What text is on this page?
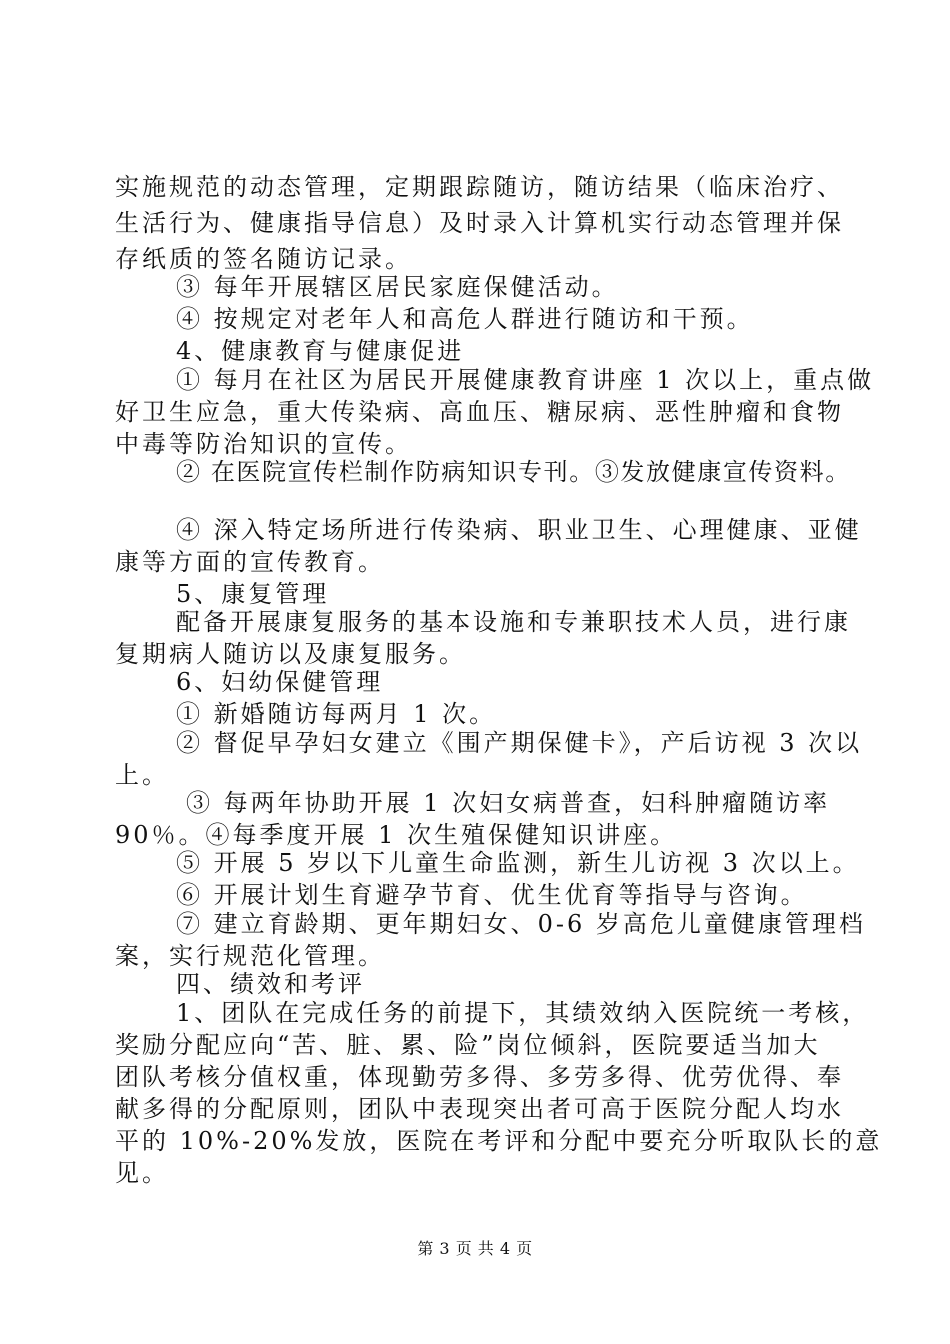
实施规范的动态管理，定期跟踪随访，随访结果（临床治疗、
生活行为、健康指导信息）及时录入计算机实行动态管理并保
存纸质的签名随访记录。
③ 每年开展辖区居民家庭保健活动。
④ 按规定对老年人和高危人群进行随访和干预。
4、健康教育与健康促进
① 每月在社区为居民开展健康教育讲座 1 次以上，重点做
好卫生应急，重大传染病、高血压、糖尿病、恶性肿瘤和食物
中毒等防治知识的宣传。
② 在医院宣传栏制作防病知识专刊。③发放健康宣传资料。
④ 深入特定场所进行传染病、职业卫生、心理健康、亚健
康等方面的宣传教育。
5、康复管理
配备开展康复服务的基本设施和专兼职技术人员，进行康
复期病人随访以及康复服务。
6、妇幼保健管理
① 新婚随访每两月 1 次。
② 督促早孕妇女建立《围产期保健卡》，产后访视 3 次以
上。
③ 每两年协助开展 1 次妇女病普查，妇科肿瘤随访率
90％。④每季度开展 1 次生殖保健知识讲座。
⑤ 开展 5 岁以下儿童生命监测，新生儿访视 3 次以上。
⑥ 开展计划生育避孕节育、优生优育等指导与咨询。
⑦ 建立育龄期、更年期妇女、0-6 岁高危儿童健康管理档
案，实行规范化管理。
四、绩效和考评
1、团队在完成任务的前提下，其绩效纳入医院统一考核，
奖励分配应向“苦、脏、累、险”岗位倾斜，医院要适当加大
团队考核分值权重，体现勤劳多得、多劳多得、优劳优得、奉
献多得的分配原则，团队中表现突出者可高于医院分配人均水
平的 10%-20%发放，医院在考评和分配中要充分听取队长的意
见。
第 3 页 共 4 页
